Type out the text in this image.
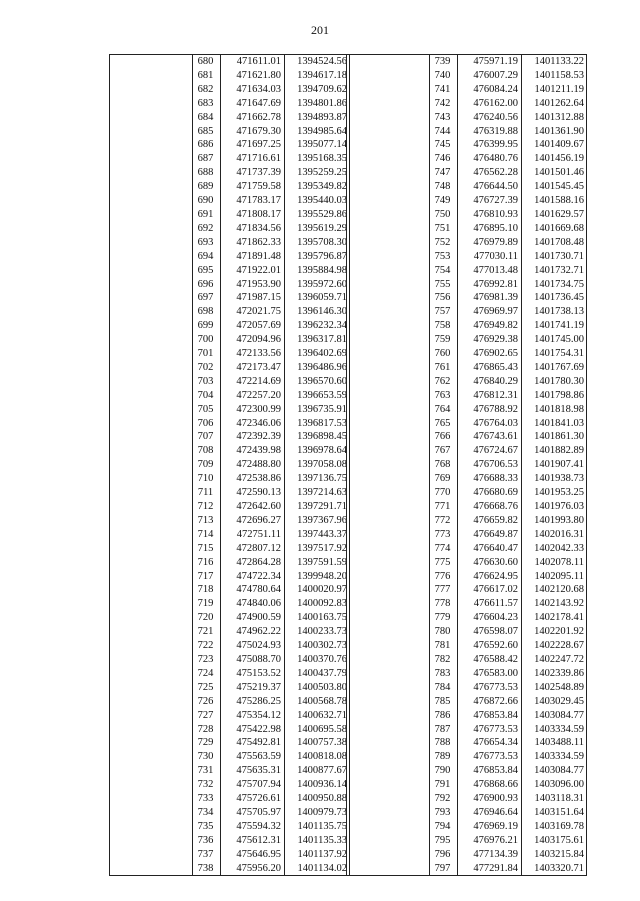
201
	680	471611.01	1394524.56
	681	471621.80	1394617.18
	682	471634.03	1394709.62
	683	471647.69	1394801.86
	684	471662.78	1394893.87
	685	471679.30	1394985.64
	686	471697.25	1395077.14
	687	471716.61	1395168.35
	688	471737.39	1395259.25
	689	471759.58	1395349.82
	690	471783.17	1395440.03
	691	471808.17	1395529.86
	692	471834.56	1395619.29
	693	471862.33	1395708.30
	694	471891.48	1395796.87
	695	471922.01	1395884.98
	696	471953.90	1395972.60
	697	471987.15	1396059.71
	698	472021.75	1396146.30
	699	472057.69	1396232.34
	700	472094.96	1396317.81
	701	472133.56	1396402.69
	702	472173.47	1396486.96
	703	472214.69	1396570.60
	704	472257.20	1396653.59
	705	472300.99	1396735.91
	706	472346.06	1396817.53
	707	472392.39	1396898.45
	708	472439.98	1396978.64
	709	472488.80	1397058.08
	710	472538.86	1397136.75
	711	472590.13	1397214.63
	712	472642.60	1397291.71
	713	472696.27	1397367.96
	714	472751.11	1397443.37
	715	472807.12	1397517.92
	716	472864.28	1397591.59
	717	474722.34	1399948.20
	718	474780.64	1400020.97
	719	474840.06	1400092.83
	720	474900.59	1400163.75
	721	474962.22	1400233.73
	722	475024.93	1400302.73
	723	475088.70	1400370.76
	724	475153.52	1400437.79
	725	475219.37	1400503.80
	726	475286.25	1400568.78
	727	475354.12	1400632.71
	728	475422.98	1400695.58
	729	475492.81	1400757.38
	730	475563.59	1400818.08
	731	475635.31	1400877.67
	732	475707.94	1400936.14
	733	475726.61	1400950.88
	734	475705.97	1400979.73
	735	475594.32	1401135.75
	736	475612.31	1401135.33
	737	475646.95	1401137.92
	738	475956.20	1401134.02
	739	475971.19	1401133.22
	740	476007.29	1401158.53
	741	476084.24	1401211.19
	742	476162.00	1401262.64
	743	476240.56	1401312.88
	744	476319.88	1401361.90
	745	476399.95	1401409.67
	746	476480.76	1401456.19
	747	476562.28	1401501.46
	748	476644.50	1401545.45
	749	476727.39	1401588.16
	750	476810.93	1401629.57
	751	476895.10	1401669.68
	752	476979.89	1401708.48
	753	477030.11	1401730.71
	754	477013.48	1401732.71
	755	476992.81	1401734.75
	756	476981.39	1401736.45
	757	476969.97	1401738.13
	758	476949.82	1401741.19
	759	476929.38	1401745.00
	760	476902.65	1401754.31
	761	476865.43	1401767.69
	762	476840.29	1401780.30
	763	476812.31	1401798.86
	764	476788.92	1401818.98
	765	476764.03	1401841.03
	766	476743.61	1401861.30
	767	476724.67	1401882.89
	768	476706.53	1401907.41
	769	476688.33	1401938.73
	770	476680.69	1401953.25
	771	476668.76	1401976.03
	772	476659.82	1401993.80
	773	476649.87	1402016.31
	774	476640.47	1402042.33
	775	476630.60	1402078.11
	776	476624.95	1402095.11
	777	476617.02	1402120.68
	778	476611.57	1402143.92
	779	476604.23	1402178.41
	780	476598.07	1402201.92
	781	476592.60	1402228.67
	782	476588.42	1402247.72
	783	476583.00	1402339.86
	784	476773.53	1402548.89
	785	476872.66	1403029.45
	786	476853.84	1403084.77
	787	476773.53	1403334.59
	788	476654.34	1403488.11
	789	476773.53	1403334.59
	790	476853.84	1403084.77
	791	476868.66	1403096.00
	792	476900.93	1403118.31
	793	476946.64	1403151.64
	794	476969.19	1403169.78
	795	476976.21	1403175.61
	796	477134.39	1403215.84
	797	477291.84	1403320.71
